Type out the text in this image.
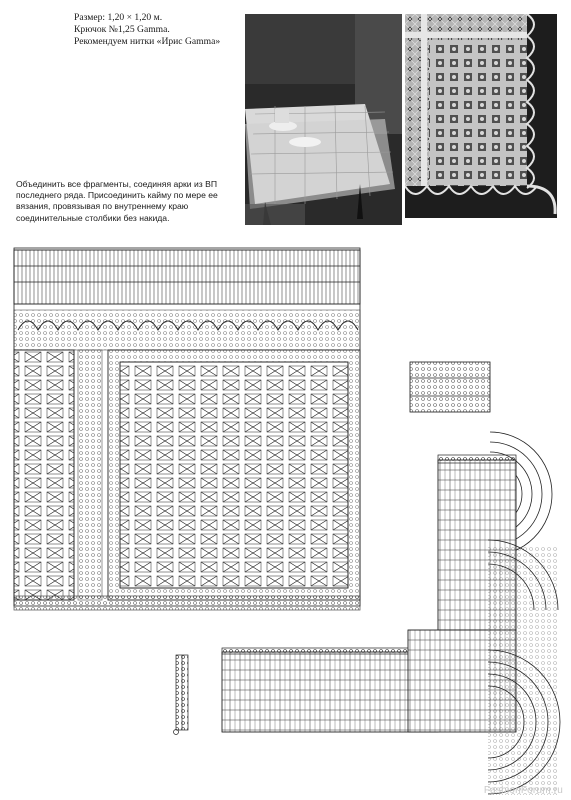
Размер: 1,20 × 1,20 м.
Крючок №1,25 Gamma.
Рекомендуем нитки «Ирис Gamma»
Объединить все фрагменты, соединяя арки из ВП последнего ряда. Присоединить кайму по мере ее вязания, провязывая по внутреннему краю соединительные столбики без накида.
FashionForum.ru
